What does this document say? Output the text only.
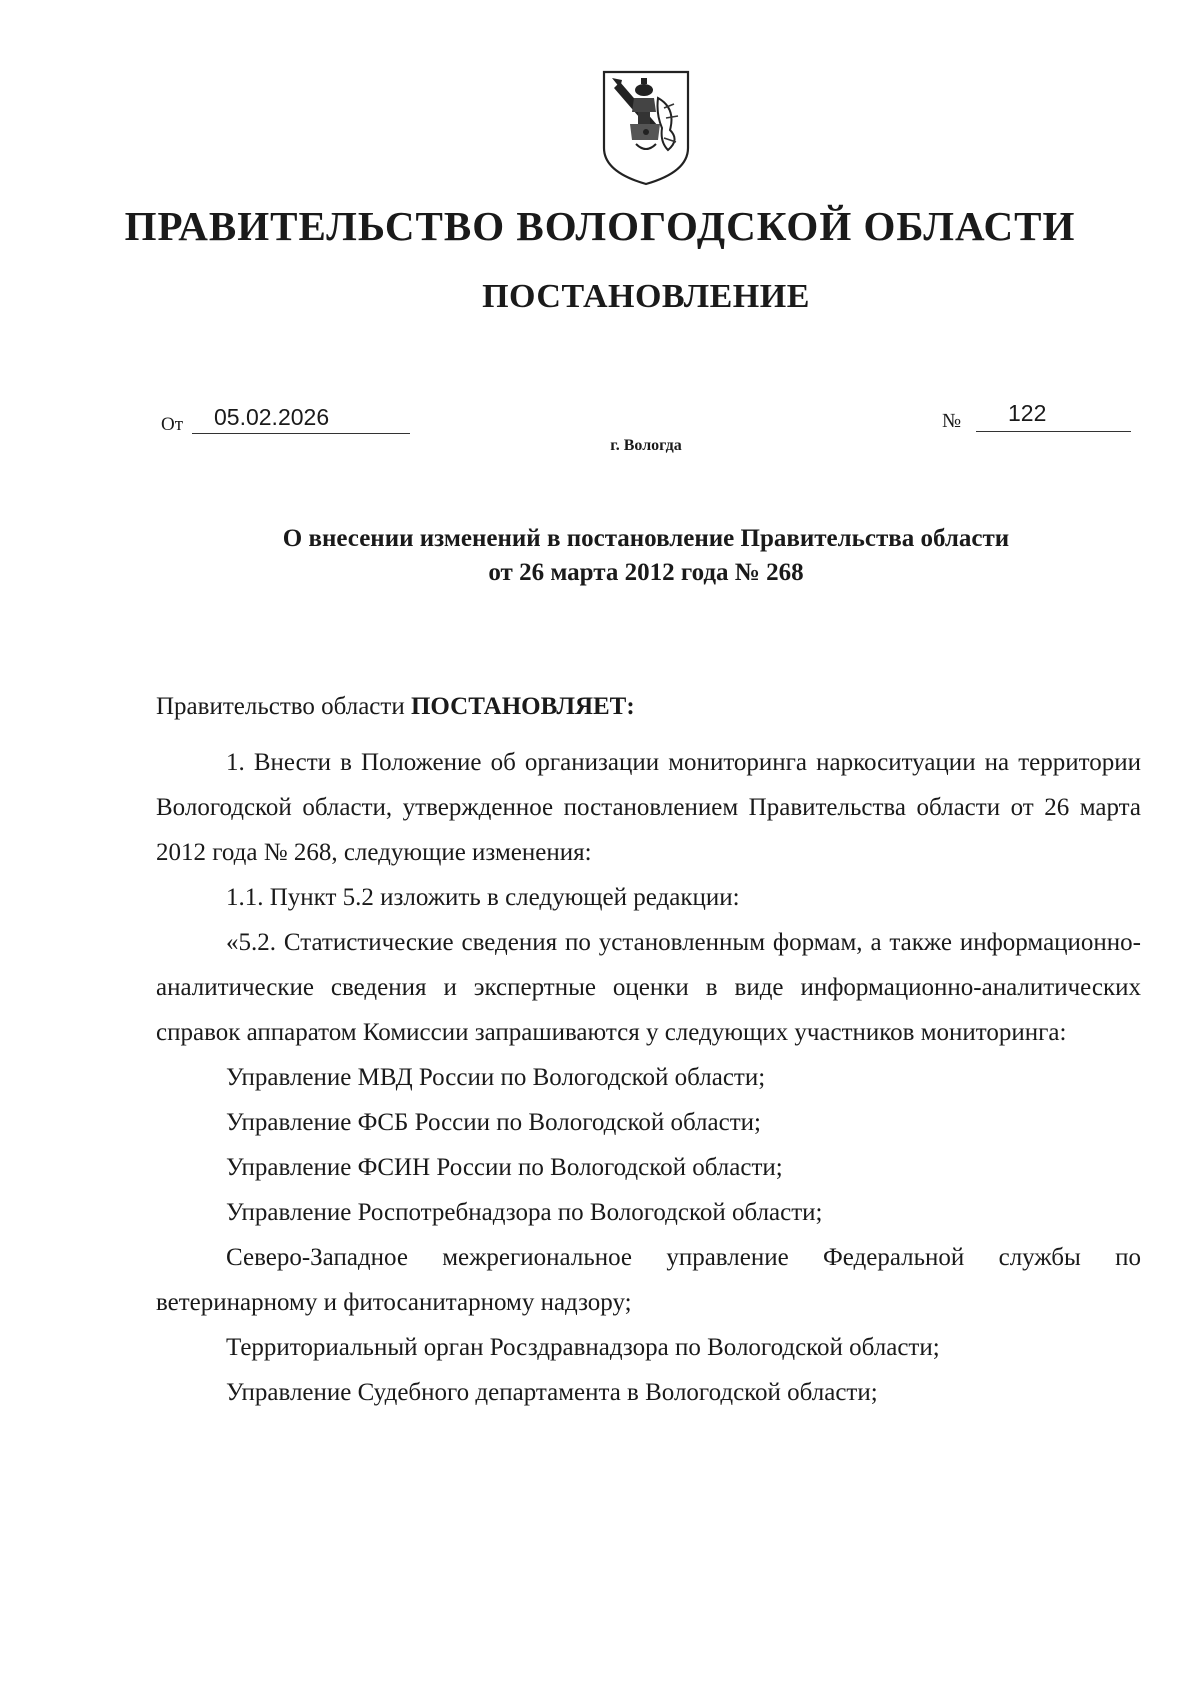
ПРАВИТЕЛЬСТВО ВОЛОГОДСКОЙ ОБЛАСТИ
ПОСТАНОВЛЕНИЕ
От	05.02.2026	№	122
г. Вологда
О внесении изменений в постановление Правительства области
от 26 марта 2012 года № 268

Правительство области ПОСТАНОВЛЯЕТ:

1. Внести в Положение об организации мониторинга наркоситуации на территории Вологодской области, утвержденное постановлением Правительства области от 26 марта 2012 года № 268, следующие изменения:

1.1. Пункт 5.2 изложить в следующей редакции:

«5.2. Статистические сведения по установленным формам, а также информационно-аналитические сведения и экспертные оценки в виде информационно-аналитических справок аппаратом Комиссии запрашиваются у следующих участников мониторинга:

Управление МВД России по Вологодской области;

Управление ФСБ России по Вологодской области;

Управление ФСИН России по Вологодской области;

Управление Роспотребнадзора по Вологодской области;

Северо-Западное межрегиональное управление Федеральной службы по ветеринарному и фитосанитарному надзору;

Территориальный орган Росздравнадзора по Вологодской области;

Управление Судебного департамента в Вологодской области;
